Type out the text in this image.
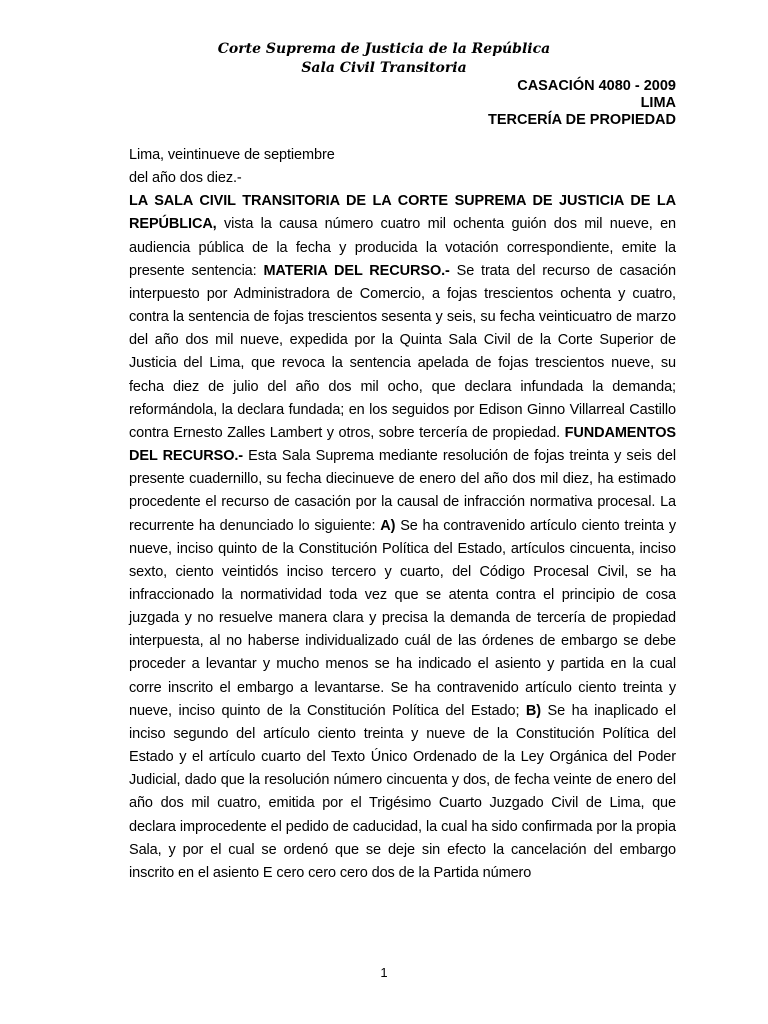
Corte Suprema de Justicia de la República
Sala Civil Transitoria
CASACIÓN 4080 - 2009
LIMA
TERCERÍA DE PROPIEDAD

Lima, veintinueve de septiembre

del año dos diez.-

LA SALA CIVIL TRANSITORIA DE LA CORTE SUPREMA DE JUSTICIA DE LA REPÚBLICA, vista la causa número cuatro mil ochenta guión dos mil nueve, en audiencia pública de la fecha y producida la votación correspondiente, emite la presente sentencia: MATERIA DEL RECURSO.- Se trata del recurso de casación interpuesto por Administradora de Comercio, a fojas trescientos ochenta y cuatro, contra la sentencia de fojas trescientos sesenta y seis, su fecha veinticuatro de marzo del año dos mil nueve, expedida por la Quinta Sala Civil de la Corte Superior de Justicia del Lima, que revoca la sentencia apelada de fojas trescientos nueve, su fecha diez de julio del año dos mil ocho, que declara infundada la demanda; reformándola, la declara fundada; en los seguidos por Edison Ginno Villarreal Castillo contra Ernesto Zalles Lambert y otros, sobre tercería de propiedad. FUNDAMENTOS DEL RECURSO.- Esta Sala Suprema mediante resolución de fojas treinta y seis del presente cuadernillo, su fecha diecinueve de enero del año dos mil diez, ha estimado procedente el recurso de casación por la causal de infracción normativa procesal. La recurrente ha denunciado lo siguiente: A) Se ha contravenido artículo ciento treinta y nueve, inciso quinto de la Constitución Política del Estado, artículos cincuenta, inciso sexto, ciento veintidós inciso tercero y cuarto, del Código Procesal Civil, se ha infraccionado la normatividad toda vez que se atenta contra el principio de cosa juzgada y no resuelve manera clara y precisa la demanda de tercería de propiedad interpuesta, al no haberse individualizado cuál de las órdenes de embargo se debe proceder a levantar y mucho menos se ha indicado el asiento y partida en la cual corre inscrito el embargo a levantarse. Se ha contravenido artículo ciento treinta y nueve, inciso quinto de la Constitución Política del Estado; B) Se ha inaplicado el inciso segundo del artículo ciento treinta y nueve de la Constitución Política del Estado y el artículo cuarto del Texto Único Ordenado de la Ley Orgánica del Poder Judicial, dado que la resolución número cincuenta y dos, de fecha veinte de enero del año dos mil cuatro, emitida por el Trigésimo Cuarto Juzgado Civil de Lima, que declara improcedente el pedido de caducidad, la cual ha sido confirmada por la propia Sala, y por el cual se ordenó que se deje sin efecto la cancelación del embargo inscrito en el asiento E cero cero cero dos de la Partida número

1
